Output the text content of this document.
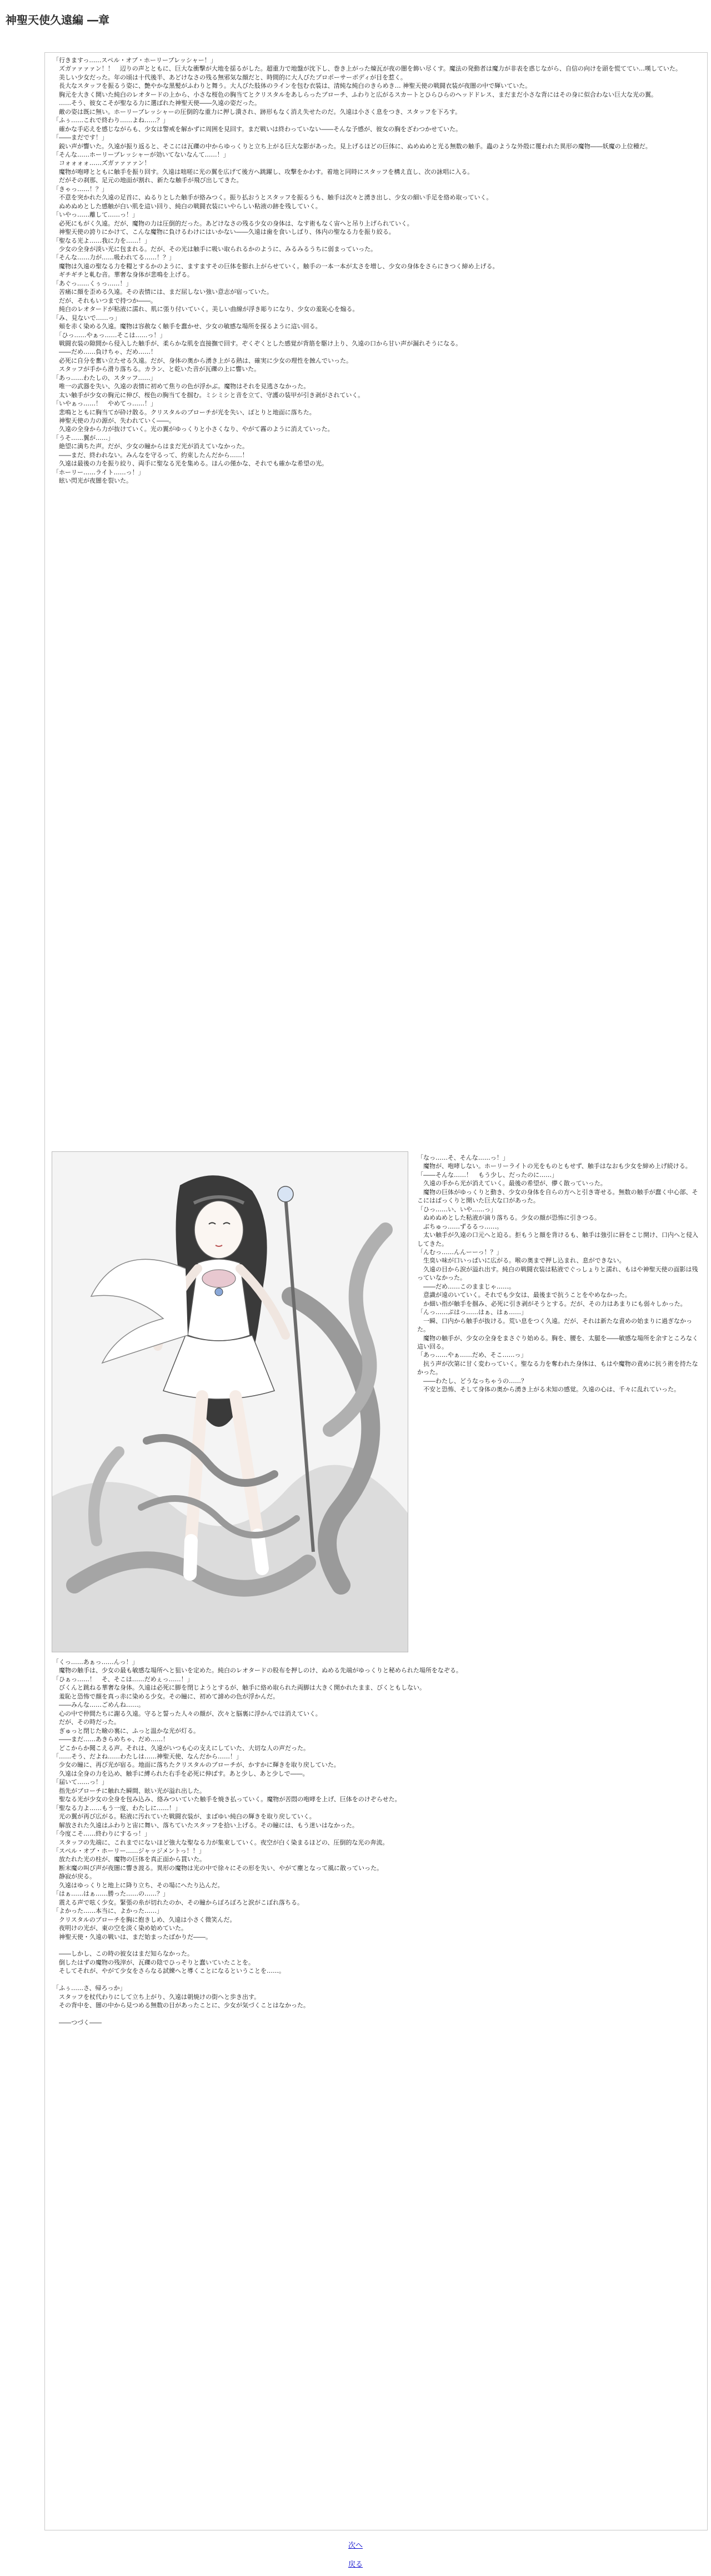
神聖天使久遠編 ―章

「行きますっ……スペル・オブ・ホーリーブレッシャー！」
　ズガァァァァン！！　辺りの声とともに、巨大な衝撃が大地を揺るがした。超重力で地盤が沈下し、巻き上がった煉瓦が夜の闇を飾い尽くす。魔法の発動者は魔力が非表を惑じながら、自信の向けを頭を慌ててい…嘆していた。
　美しい少女だった。年の頃は十代後半、あどけなさの残る無邪気な顔だと、時間的に大人びたプロポーサーボディが目を惹く。
　長大なスタッフを振るう姿に、艶やかな黒髪がふわりと舞う。大人びた肢体のラインを包む衣装は、清純な純白のきらめき… 神聖天使の戦闘衣装が夜闇の中で輝いていた。
　胸元を大きく開いた純白のレオタードの上から、小さな桜色の胸当てとクリスタルをあしらったブローチ、ふわりと広がるスカートとひらひらのヘッドドレス、まだまだ小さな背にはその身に似合わない巨大な光の翼。
　……そう、彼女こそが聖なる力に選ばれた神聖天使――久遠の姿だった。
　敵の姿は既に無い。ホーリーブレッシャーの圧倒的な重力に押し潰され、跡形もなく消え失せたのだ。久遠は小さく息をつき、スタッフを下ろす。
「ふぅ……これで終わり……よね……？」
　確かな手応えを感じながらも、少女は警戒を解かずに周囲を見回す。まだ戦いは終わっていない――そんな予感が、彼女の胸をざわつかせていた。
「――まだです！」
　鋭い声が響いた。久遠が振り返ると、そこには瓦礫の中からゆっくりと立ち上がる巨大な影があった。見上げるほどの巨体に、ぬめぬめと光る無数の触手。蟲のような外殻に覆われた異形の魔物――妖魔の上位種だ。
「そんな……ホーリーブレッシャーが効いてないなんて……！」
　コォォォォ……ズガァァァァン！
　魔物が咆哮とともに触手を振り回す。久遠は咄嗟に光の翼を広げて後方へ跳躍し、攻撃をかわす。着地と同時にスタッフを構え直し、次の詠唱に入る。
　だがその刹那、足元の地面が割れ、新たな触手が飛び出してきた。
「きゃっ……！？」
　不意を突かれた久遠の足首に、ぬるりとした触手が絡みつく。振り払おうとスタッフを振るうも、触手は次々と湧き出し、少女の細い手足を絡め取っていく。
　ぬめぬめとした感触が白い肌を這い回り、純白の戦闘衣装にいやらしい粘液の跡を残していく。
「いやっ……離して……っ！」
　必死にもがく久遠。だが、魔物の力は圧倒的だった。あどけなさの残る少女の身体は、なす術もなく宙へと吊り上げられていく。
　神聖天使の誇りにかけて、こんな魔物に負けるわけにはいかない――久遠は歯を食いしばり、体内の聖なる力を振り絞る。
「聖なる光よ……我に力を……！」
　少女の全身が淡い光に包まれる。だが、その光は触手に吸い取られるかのように、みるみるうちに弱まっていった。
「そんな……力が……吸われてる……！？」
　魔物は久遠の聖なる力を糧とするかのように、ますますその巨体を膨れ上がらせていく。触手の一本一本が太さを増し、少女の身体をさらにきつく締め上げる。
　ギチギチと軋む音。華奢な身体が悲鳴を上げる。
「あぐっ……くぅっ……！」
　苦痛に顔を歪める久遠。その表情には、まだ屈しない強い意志が宿っていた。
　だが、それもいつまで持つか――。
　純白のレオタードが粘液に濡れ、肌に張り付いていく。美しい曲線が浮き彫りになり、少女の羞恥心を煽る。
「み、見ないで……っ」
　頬を赤く染める久遠。魔物は容赦なく触手を蠢かせ、少女の敏感な場所を探るように這い回る。
　「ひっ……やぁっ……そこは……っ！」
　戦闘衣装の隙間から侵入した触手が、柔らかな肌を直接撫で回す。ぞくぞくとした感覚が背筋を駆け上り、久遠の口から甘い声が漏れそうになる。
　――だめ……負けちゃ、だめ……！
　必死に自分を奮い立たせる久遠。だが、身体の奥から湧き上がる熱は、確実に少女の理性を蝕んでいった。
　スタッフが手から滑り落ちる。カラン、と乾いた音が瓦礫の上に響いた。
「あっ……わたしの、スタッフ……」
　唯一の武器を失い、久遠の表情に初めて焦りの色が浮かぶ。魔物はそれを見逃さなかった。
　太い触手が少女の胸元に伸び、桜色の胸当てを掴む。ミシミシと音を立て、守護の装甲が引き剥がされていく。
「いやぁっ……！　やめてっ……！」
　悲鳴とともに胸当てが砕け散る。クリスタルのブローチが光を失い、ぽとりと地面に落ちた。
　神聖天使の力の源が、失われていく――。
　久遠の全身から力が抜けていく。光の翼がゆっくりと小さくなり、やがて霧のように消えていった。
「うそ……翼が……」
　絶望に満ちた声。だが、少女の瞳からはまだ光が消えていなかった。
　――まだ、終われない。みんなを守るって、約束したんだから……！
　久遠は最後の力を振り絞り、両手に聖なる光を集める。ほんの僅かな、それでも確かな希望の光。
「ホーリー……ライト……っ！」
　眩い閃光が夜闇を裂いた。

「なっ……そ、そんな……っ！」
　魔物が、咆哮しない。ホーリーライトの光をものともせず、触手はなおも少女を締め上げ続ける。
「――そんな……！　もう少し、だったのに……」
　久遠の手から光が消えていく。最後の希望が、儚く散っていった。
　魔物の巨体がゆっくりと動き、少女の身体を自らの方へと引き寄せる。無数の触手が蠢く中心部、そこにはぱっくりと開いた巨大な口があった。
「ひっ……い、いや……っ」
　ぬめぬめとした粘液が滴り落ちる。少女の顔が恐怖に引きつる。
　ぶちゅっ……ずるるっ……。
　太い触手が久遠の口元へと迫る。拒もうと顔を背けるも、触手は強引に唇をこじ開け、口内へと侵入してきた。
「んむっ……んんーーっ！？」
　生臭い味が口いっぱいに広がる。喉の奥まで押し込まれ、息ができない。
　久遠の目から涙が溢れ出す。純白の戦闘衣装は粘液でぐっしょりと濡れ、もはや神聖天使の面影は残っていなかった。
　――だめ……このままじゃ……。
　意識が遠のいていく。それでも少女は、最後まで抗うことをやめなかった。
　か細い指が触手を掴み、必死に引き剥がそうとする。だが、その力はあまりにも弱々しかった。
「んっ……ぷはっ……はぁ、はぁ……」
　一瞬、口内から触手が抜ける。荒い息をつく久遠。だが、それは新たな責めの始まりに過ぎなかった。
　魔物の触手が、少女の全身をまさぐり始める。胸を、腰を、太腿を――敏感な場所を余すところなく這い回る。
「あっ……やぁ……だめ、そこ……っ」
　抗う声が次第に甘く変わっていく。聖なる力を奪われた身体は、もはや魔物の責めに抗う術を持たなかった。
　――わたし、どうなっちゃうの……？
　不安と恐怖、そして身体の奥から湧き上がる未知の感覚。久遠の心は、千々に乱れていった。

「くっ……あぁっ……んっ！」
　魔物の触手は、少女の最も敏感な場所へと狙いを定めた。純白のレオタードの股布を押しのけ、ぬめる先端がゆっくりと秘められた場所をなぞる。
「ひぁっ……！　そ、そこは……だめぇっ……！」
　びくんと跳ねる華奢な身体。久遠は必死に脚を閉じようとするが、触手に絡め取られた両脚は大きく開かれたまま、びくともしない。
　羞恥と恐怖で顔を真っ赤に染める少女。その瞳に、初めて諦めの色が浮かんだ。
　――みんな……ごめんね……。
　心の中で仲間たちに謝る久遠。守ると誓った人々の顔が、次々と脳裏に浮かんでは消えていく。
　だが、その時だった。
　ぎゅっと閉じた瞼の裏に、ふっと温かな光が灯る。
　――まだ……あきらめちゃ、だめ……！
　どこからか聞こえる声。それは、久遠がいつも心の支えにしていた、大切な人の声だった。
「……そう、だよね……わたしは……神聖天使、なんだから……！」
　少女の瞳に、再び光が宿る。地面に落ちたクリスタルのブローチが、かすかに輝きを取り戻していた。
　久遠は全身の力を込め、触手に縛られた右手を必死に伸ばす。あと少し、あと少しで――。
「届いて……っ！」
　指先がブローチに触れた瞬間、眩い光が溢れ出した。
　聖なる光が少女の全身を包み込み、絡みついていた触手を焼き払っていく。魔物が苦悶の咆哮を上げ、巨体をのけぞらせた。
「聖なる力よ……もう一度、わたしに……！」
　光の翼が再び広がる。粘液に汚れていた戦闘衣装が、まばゆい純白の輝きを取り戻していく。
　解放された久遠はふわりと宙に舞い、落ちていたスタッフを拾い上げる。その瞳には、もう迷いはなかった。
「今度こそ……終わりにするっ！」
　スタッフの先端に、これまでにないほど強大な聖なる力が集束していく。夜空が白く染まるほどの、圧倒的な光の奔流。
「スペル・オブ・ホーリー……ジャッジメントっ！！」
　放たれた光の柱が、魔物の巨体を真正面から貫いた。
　断末魔の叫び声が夜闇に響き渡る。異形の魔物は光の中で徐々にその形を失い、やがて塵となって風に散っていった。
　静寂が戻る。
　久遠はゆっくりと地上に降り立ち、その場にへたり込んだ。
「はぁ……はぁ……勝った……の……？」
　震える声で呟く少女。緊張の糸が切れたのか、その瞳からぽろぽろと涙がこぼれ落ちる。
「よかった……本当に、よかった……」
　クリスタルのブローチを胸に抱きしめ、久遠は小さく微笑んだ。
　夜明けの光が、東の空を淡く染め始めていた。
　神聖天使・久遠の戦いは、まだ始まったばかりだ――。

　――しかし、この時の彼女はまだ知らなかった。
　倒したはずの魔物の残滓が、瓦礫の陰でひっそりと蠢いていたことを。
　そしてそれが、やがて少女をさらなる試練へと導くことになるということを……。

「ふぅ……さ、帰ろっか」
　スタッフを杖代わりにして立ち上がり、久遠は朝焼けの街へと歩き出す。
　その背中を、闇の中から見つめる無数の目があったことに、少女が気づくことはなかった。

　――つづく――

次へ
戻る
